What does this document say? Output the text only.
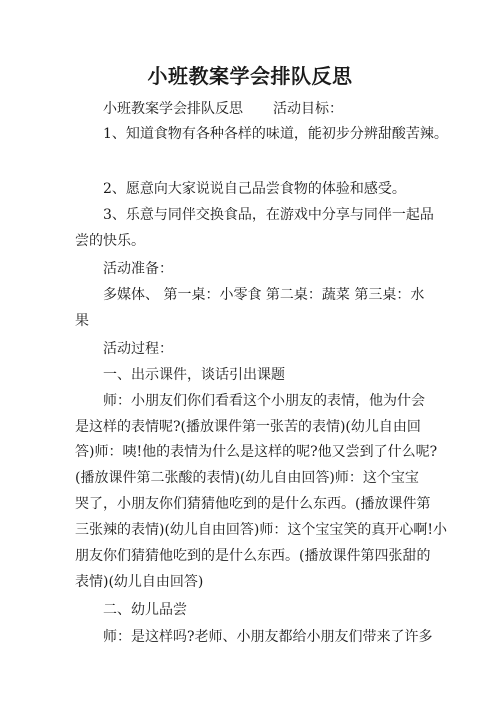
小班教案学会排队反思
小班教案学会排队反思 活动目标：
1、知道食物有各种各样的味道，能初步分辨甜酸苦辣。
2、愿意向大家说说自己品尝食物的体验和感受。
3、乐意与同伴交换食品，在游戏中分享与同伴一起品
尝的快乐。
活动准备：
多媒体、 第一桌：小零食 第二桌：蔬菜 第三桌：水
果
活动过程：
一、出示课件，谈话引出课题
师：小朋友们你们看看这个小朋友的表情，他为什会
是这样的表情呢?(播放课件第一张苦的表情)(幼儿自由回
答)师：咦!他的表情为什么是这样的呢?他又尝到了什么呢?
(播放课件第二张酸的表情)(幼儿自由回答)师：这个宝宝
哭了，小朋友你们猜猜他吃到的是什么东西。(播放课件第
三张辣的表情)(幼儿自由回答)师：这个宝宝笑的真开心啊!小
朋友你们猜猜他吃到的是什么东西。(播放课件第四张甜的
表情)(幼儿自由回答)
二、幼儿品尝
师：是这样吗?老师、小朋友都给小朋友们带来了许多
